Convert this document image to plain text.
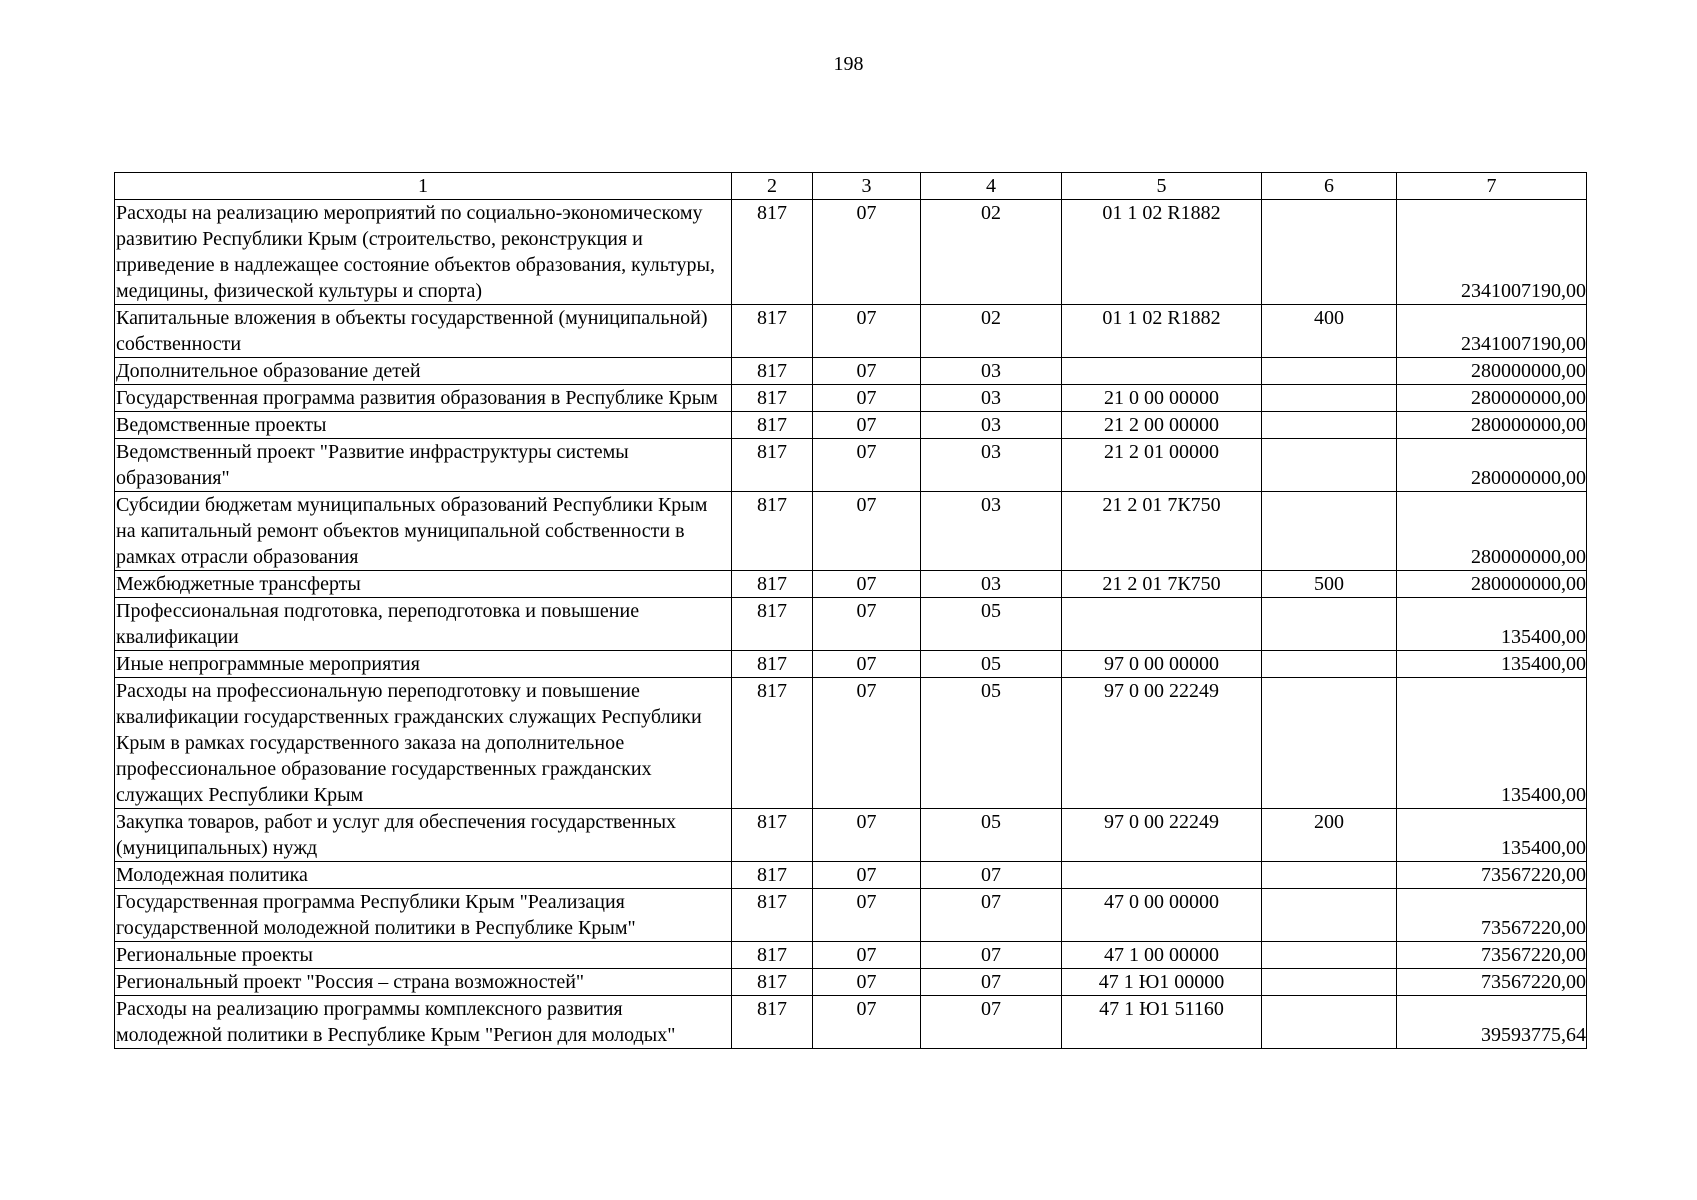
198
1	2	3	4	5	6	7
Расходы на реализацию мероприятий по социально-экономическому развитию Республики Крым (строительство, реконструкция и приведение в надлежащее состояние объектов образования, культуры, медицины, физической культуры и спорта)	817	07	02	01 1 02 R1882		2341007190,00
Капитальные вложения в объекты государственной (муниципальной) собственности	817	07	02	01 1 02 R1882	400	2341007190,00
Дополнительное образование детей	817	07	03			280000000,00
Государственная программа развития образования в Республике Крым	817	07	03	21 0 00 00000		280000000,00
Ведомственные проекты	817	07	03	21 2 00 00000		280000000,00
Ведомственный проект "Развитие инфраструктуры системы образования"	817	07	03	21 2 01 00000		280000000,00
Субсидии бюджетам муниципальных образований Республики Крым на капитальный ремонт объектов муниципальной собственности в рамках отрасли образования	817	07	03	21 2 01 7К750		280000000,00
Межбюджетные трансферты	817	07	03	21 2 01 7К750	500	280000000,00
Профессиональная подготовка, переподготовка и повышение квалификации	817	07	05			135400,00
Иные непрограммные мероприятия	817	07	05	97 0 00 00000		135400,00
Расходы на профессиональную переподготовку и повышение квалификации государственных гражданских служащих Республики Крым в рамках государственного заказа на дополнительное профессиональное образование государственных гражданских служащих Республики Крым	817	07	05	97 0 00 22249		135400,00
Закупка товаров, работ и услуг для обеспечения государственных (муниципальных) нужд	817	07	05	97 0 00 22249	200	135400,00
Молодежная политика	817	07	07			73567220,00
Государственная программа Республики Крым "Реализация государственной молодежной политики в Республике Крым"	817	07	07	47 0 00 00000		73567220,00
Региональные проекты	817	07	07	47 1 00 00000		73567220,00
Региональный проект "Россия – страна возможностей"	817	07	07	47 1 Ю1 00000		73567220,00
Расходы на реализацию программы комплексного развития молодежной политики в Республике Крым "Регион для молодых"	817	07	07	47 1 Ю1 51160		39593775,64
